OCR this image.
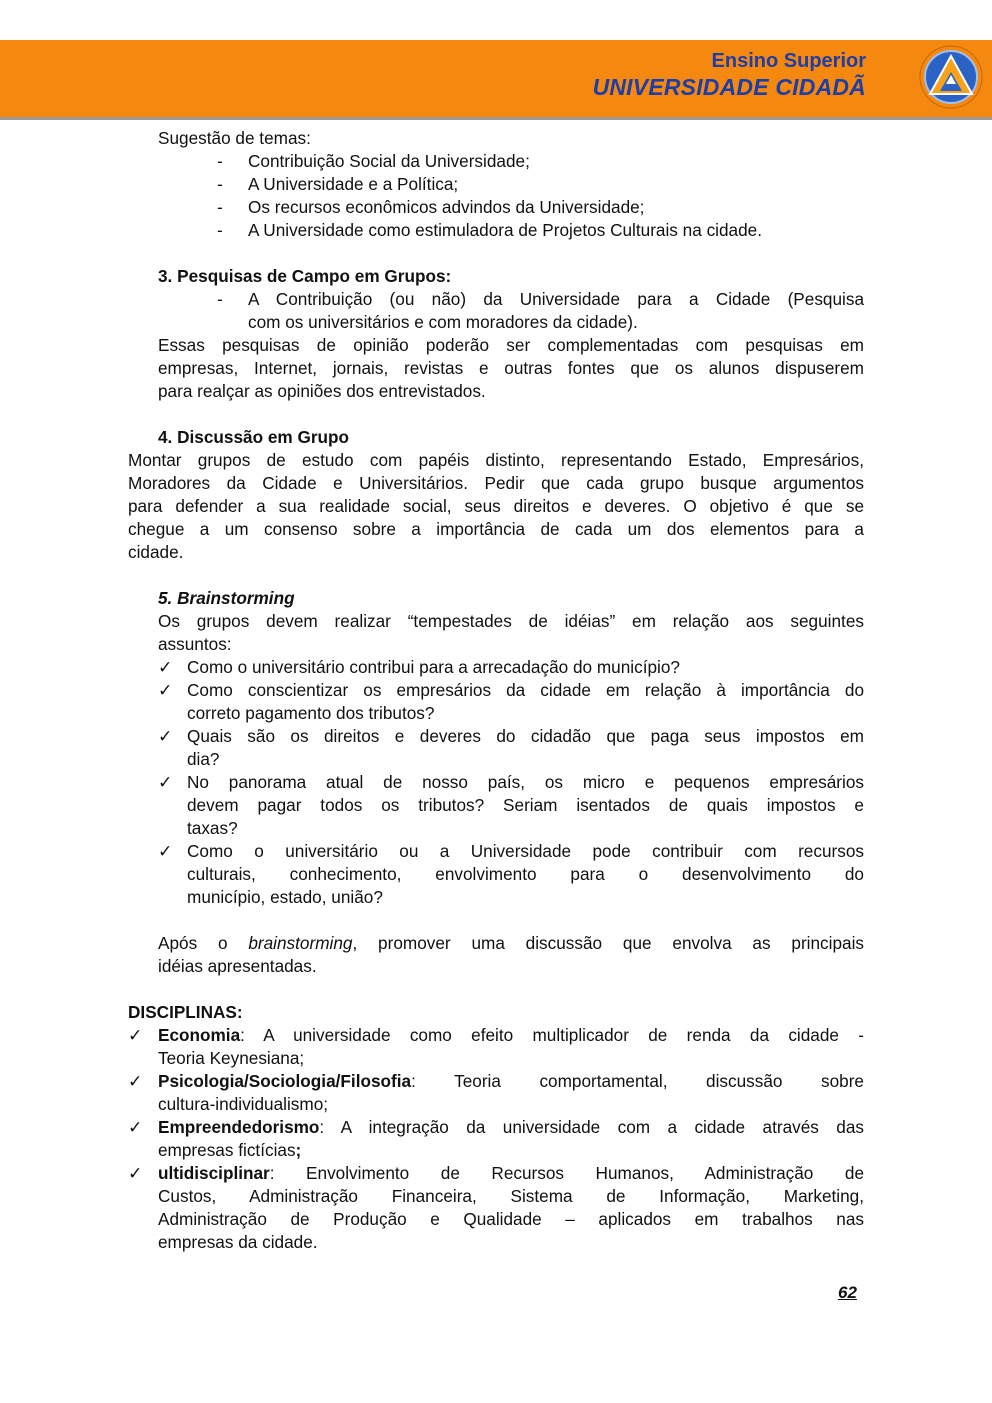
Ensino Superior
UNIVERSIDADE CIDADÃ
Sugestão de temas:
- Contribuição Social da Universidade;
- A Universidade e a Política;
- Os recursos econômicos advindos da Universidade;
- A Universidade como estimuladora de Projetos Culturais na cidade.
3. Pesquisas de Campo em Grupos:
- A Contribuição (ou não) da Universidade para a Cidade (Pesquisa
com os universitários e com moradores da cidade).
Essas pesquisas de opinião poderão ser complementadas com pesquisas em
empresas, Internet, jornais, revistas e outras fontes que os alunos dispuserem
para realçar as opiniões dos entrevistados.
4. Discussão em Grupo
Montar grupos de estudo com papéis distinto, representando Estado, Empresários,
Moradores da Cidade e Universitários. Pedir que cada grupo busque argumentos
para defender a sua realidade social, seus direitos e deveres. O objetivo é que se
chegue a um consenso sobre a importância de cada um dos elementos para a
cidade.
5. Brainstorming
Os grupos devem realizar “tempestades de idéias” em relação aos seguintes
assuntos:
✓ Como o universitário contribui para a arrecadação do município?
✓ Como conscientizar os empresários da cidade em relação à importância do
correto pagamento dos tributos?
✓ Quais são os direitos e deveres do cidadão que paga seus impostos em
dia?
✓ No panorama atual de nosso país, os micro e pequenos empresários
devem pagar todos os tributos? Seriam isentados de quais impostos e
taxas?
✓ Como o universitário ou a Universidade pode contribuir com recursos
culturais, conhecimento, envolvimento para o desenvolvimento do
município, estado, união?
Após o brainstorming, promover uma discussão que envolva as principais
idéias apresentadas.
DISCIPLINAS:
✓ Economia: A universidade como efeito multiplicador de renda da cidade -
Teoria Keynesiana;
✓ Psicologia/Sociologia/Filosofia: Teoria comportamental, discussão sobre
cultura-individualismo;
✓ Empreendedorismo: A integração da universidade com a cidade através das
empresas fictícias;
✓ ultidisciplinar: Envolvimento de Recursos Humanos, Administração de
Custos, Administração Financeira, Sistema de Informação, Marketing,
Administração de Produção e Qualidade – aplicados em trabalhos nas
empresas da cidade.
62
